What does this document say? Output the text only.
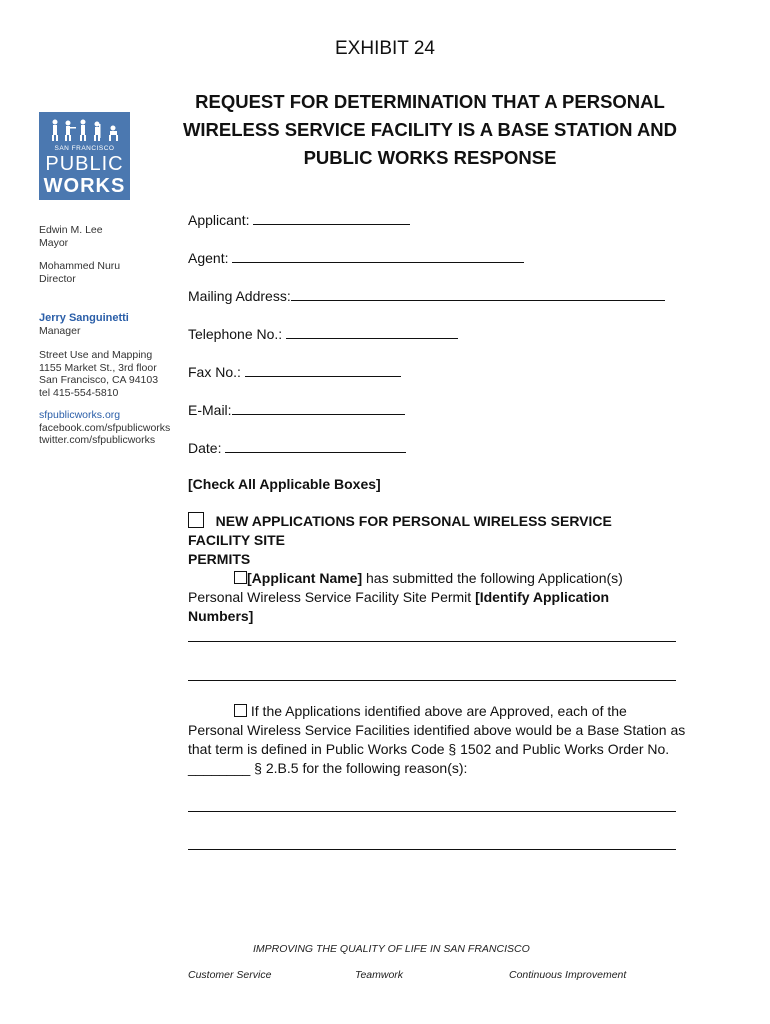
EXHIBIT 24
REQUEST FOR DETERMINATION THAT A PERSONAL
WIRELESS SERVICE FACILITY IS A BASE STATION AND
PUBLIC WORKS RESPONSE
SAN FRANCISCO
PUBLIC
WORKS
Edwin M. Lee
Mayor
Mohammed Nuru
Director
Jerry Sanguinetti
Manager
Street Use and Mapping
1155 Market St., 3rd floor
San Francisco, CA 94103
tel 415-554-5810
sfpublicworks.org
facebook.com/sfpublicworks
twitter.com/sfpublicworks
Applicant:
Agent:
Mailing Address:
Telephone No.:
Fax No.:
E-Mail:
Date:
[Check All Applicable Boxes]
NEW APPLICATIONS FOR PERSONAL WIRELESS SERVICE FACILITY SITE
PERMITS
[Applicant Name] has submitted the following Application(s)
Personal Wireless Service Facility Site Permit [Identify Application Numbers]
If the Applications identified above are Approved, each of the
Personal Wireless Service Facilities identified above would be a Base Station as
that term is defined in Public Works Code § 1502 and Public Works Order No.
________ § 2.B.5 for the following reason(s):
IMPROVING THE QUALITY OF LIFE IN SAN FRANCISCO
Customer Service	Teamwork	Continuous Improvement
